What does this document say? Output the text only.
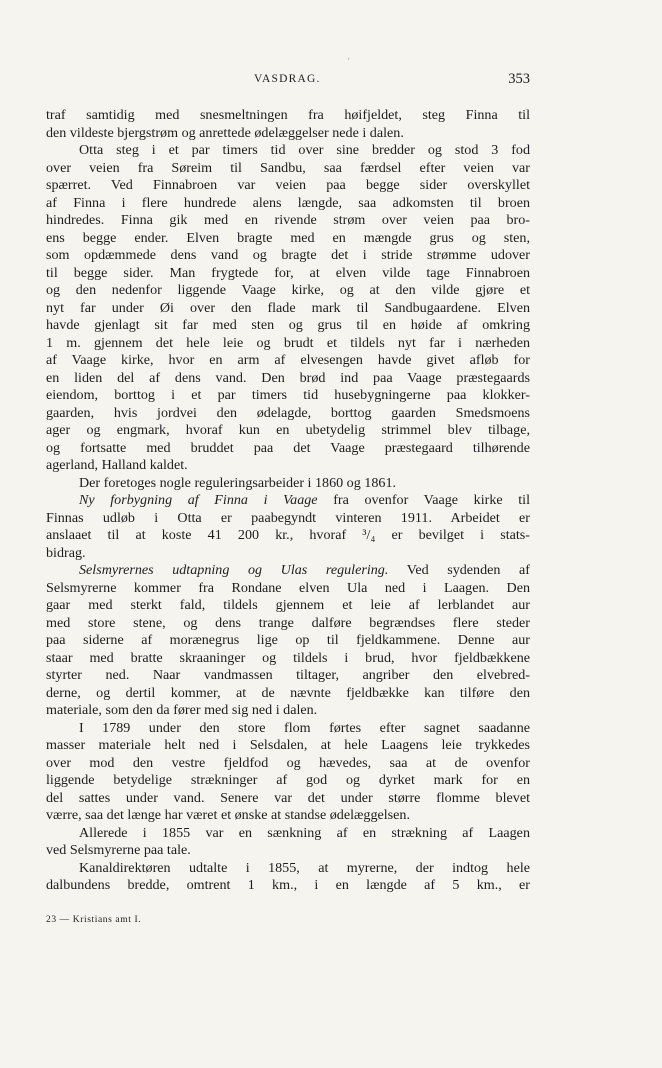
ʹ
VASDRAG.	353
traf samtidig med snesmeltningen fra høifjeldet, steg Finna til
den vildeste bjergstrøm og anrettede ødelæggelser nede i dalen.
Otta steg i et par timers tid over sine bredder og stod 3 fod
over veien fra Søreim til Sandbu, saa færdsel efter veien var
spærret. Ved Finnabroen var veien paa begge sider overskyllet
af Finna i flere hundrede alens længde, saa adkomsten til broen
hindredes. Finna gik med en rivende strøm over veien paa bro-
ens begge ender. Elven bragte med en mængde grus og sten,
som opdæmmede dens vand og bragte det i stride strømme udover
til begge sider. Man frygtede for, at elven vilde tage Finnabroen
og den nedenfor liggende Vaage kirke, og at den vilde gjøre et
nyt far under Øi over den flade mark til Sandbugaardene. Elven
havde gjenlagt sit far med sten og grus til en høide af omkring
1 m. gjennem det hele leie og brudt et tildels nyt far i nærheden
af Vaage kirke, hvor en arm af elvesengen havde givet afløb for
en liden del af dens vand. Den brød ind paa Vaage præstegaards
eiendom, borttog i et par timers tid husebygningerne paa klokker-
gaarden, hvis jordvei den ødelagde, borttog gaarden Smedsmoens
ager og engmark, hvoraf kun en ubetydelig strimmel blev tilbage,
og fortsatte med bruddet paa det Vaage præstegaard tilhørende
agerland, Halland kaldet.
Der foretoges nogle reguleringsarbeider i 1860 og 1861.
Ny forbygning af Finna i Vaage fra ovenfor Vaage kirke til
Finnas udløb i Otta er paabegyndt vinteren 1911. Arbeidet er
anslaaet til at koste 41 200 kr., hvoraf ³/₄ er bevilget i stats-
bidrag.
Selsmyrernes udtapning og Ulas regulering. Ved sydenden af
Selsmyrerne kommer fra Rondane elven Ula ned i Laagen. Den
gaar med sterkt fald, tildels gjennem et leie af lerblandet aur
med store stene, og dens trange dalføre begrændses flere steder
paa siderne af morænegrus lige op til fjeldkammene. Denne aur
staar med bratte skraaninger og tildels i brud, hvor fjeldbækkene
styrter ned. Naar vandmassen tiltager, angriber den elvebred-
derne, og dertil kommer, at de nævnte fjeldbække kan tilføre den
materiale, som den da fører med sig ned i dalen.
I 1789 under den store flom førtes efter sagnet saadanne
masser materiale helt ned i Selsdalen, at hele Laagens leie trykkedes
over mod den vestre fjeldfod og hævedes, saa at de ovenfor
liggende betydelige strækninger af god og dyrket mark for en
del sattes under vand. Senere var det under større flomme blevet
værre, saa det længe har været et ønske at standse ødelæggelsen.
Allerede i 1855 var en sænkning af en strækning af Laagen
ved Selsmyrerne paa tale.
Kanaldirektøren udtalte i 1855, at myrerne, der indtog hele
dalbundens bredde, omtrent 1 km., i en længde af 5 km., er
23 — Kristians amt I.
